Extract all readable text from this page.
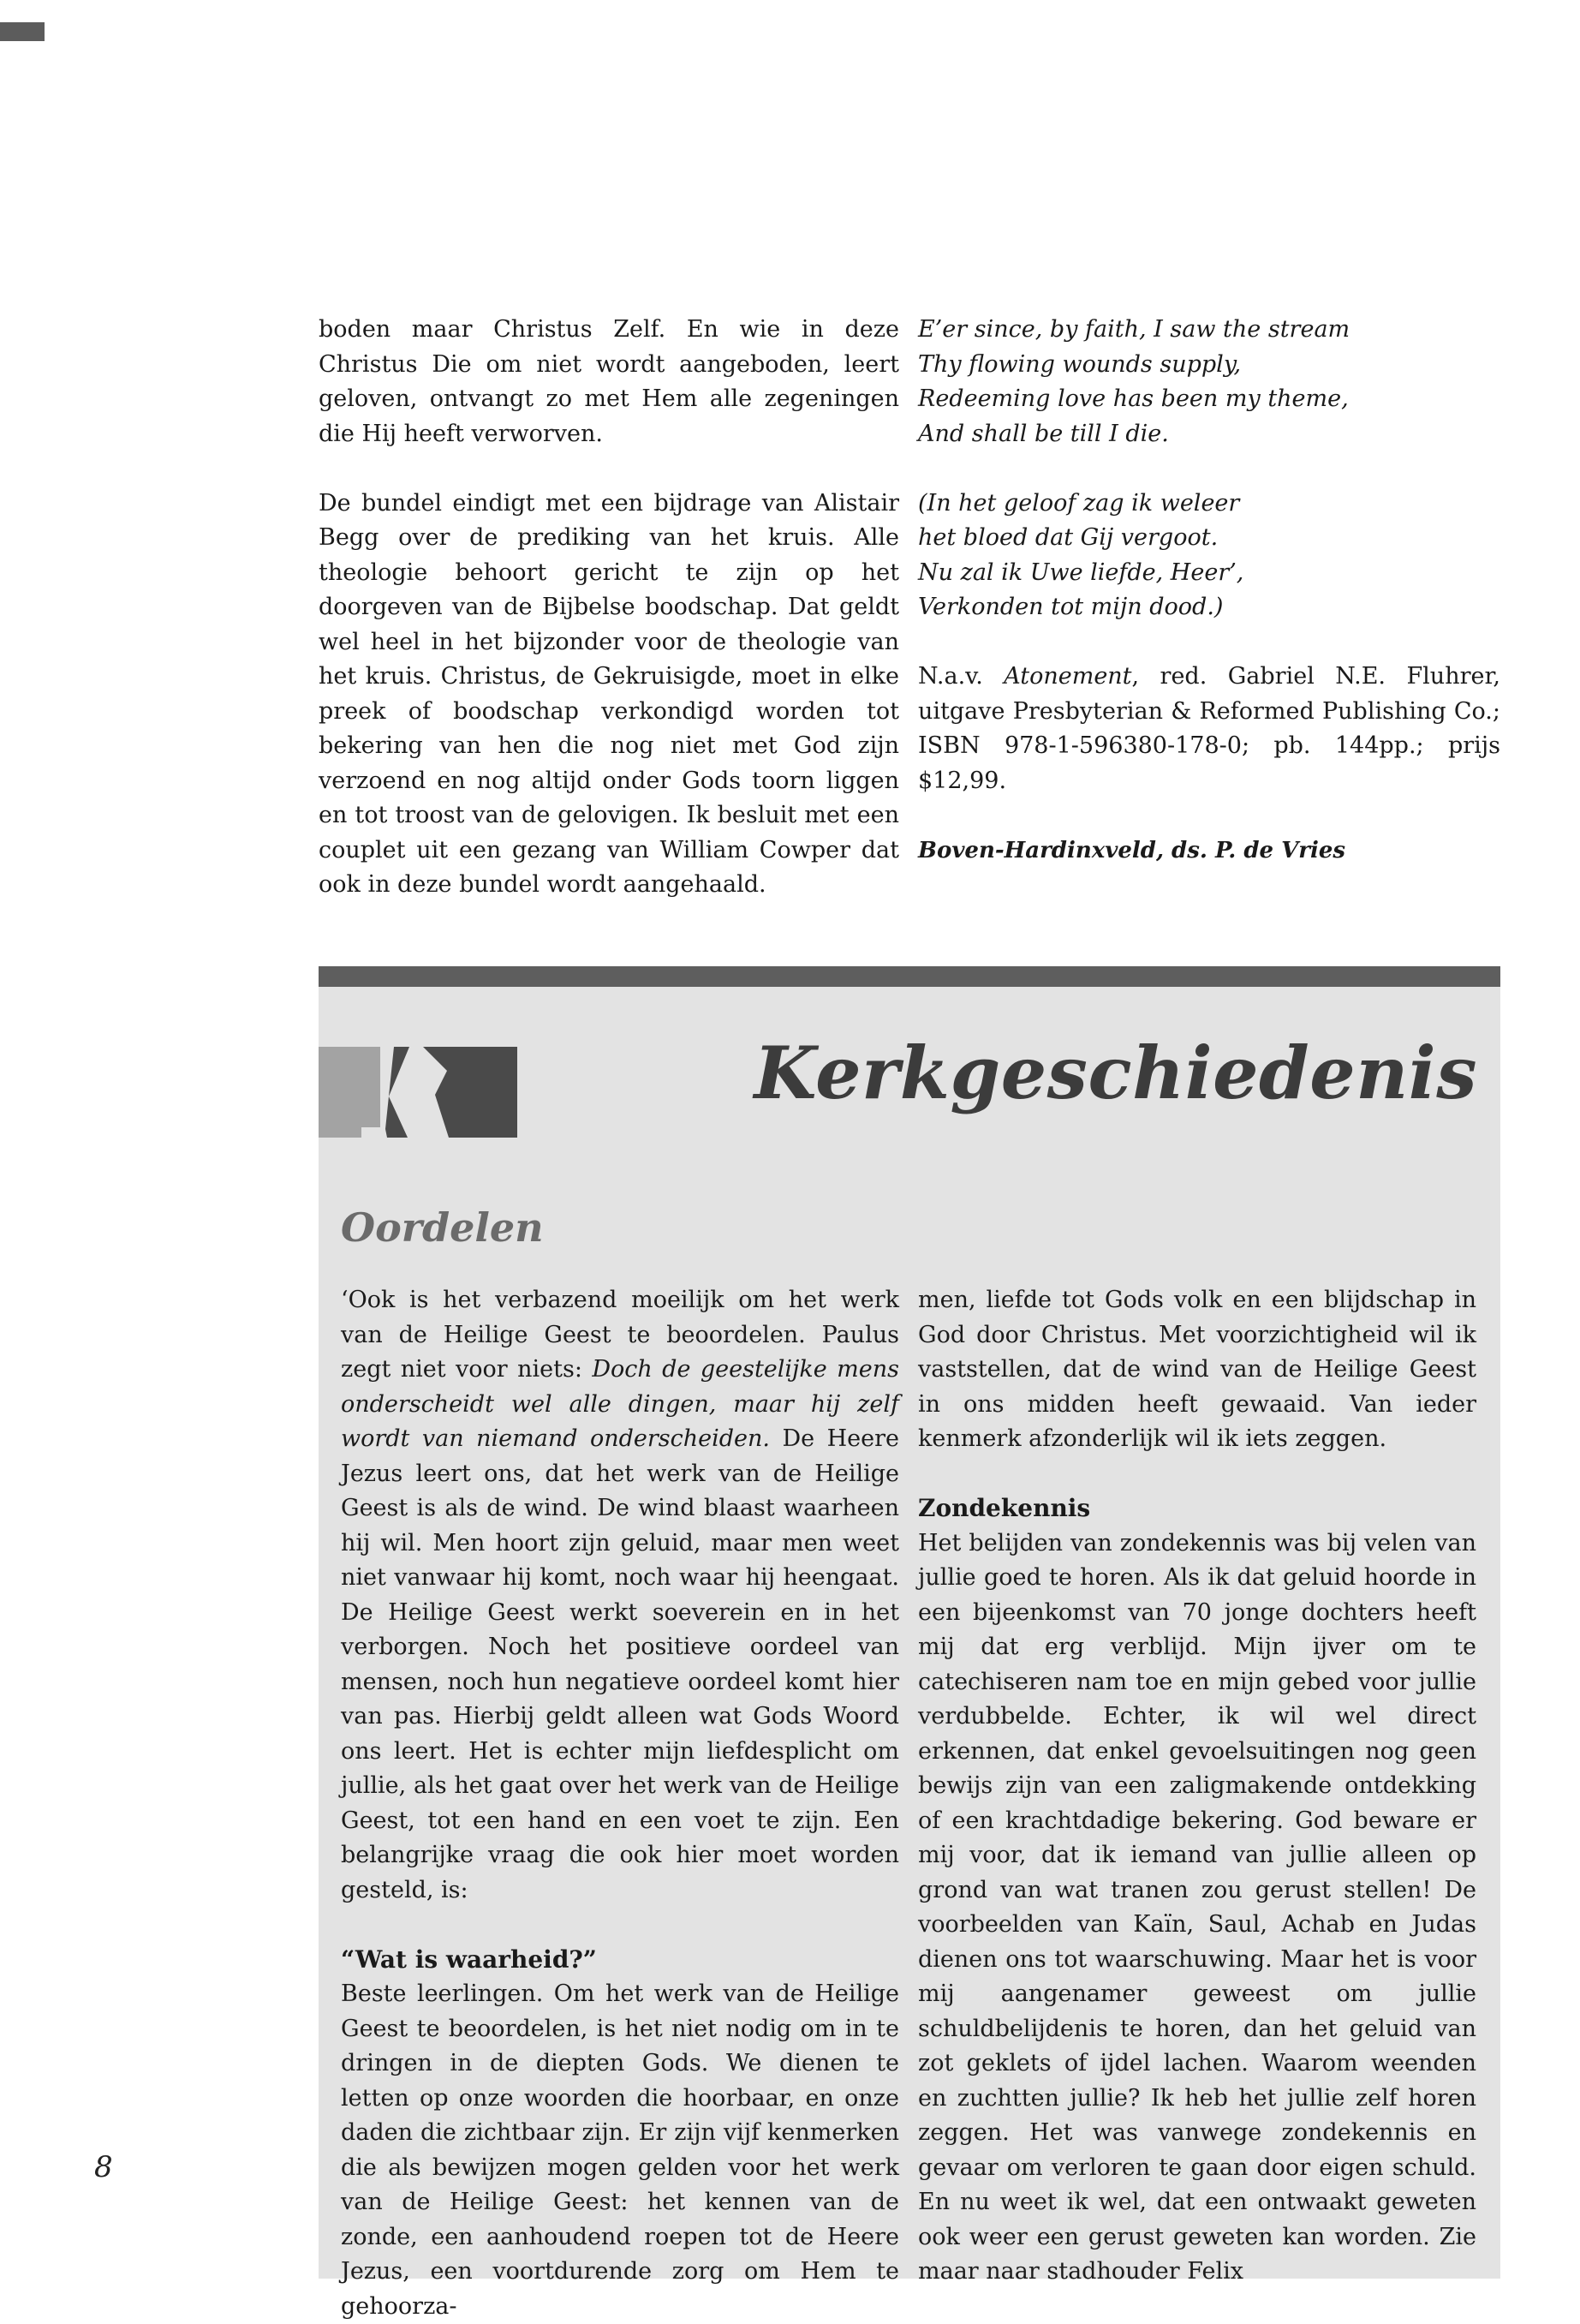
boden maar Christus Zelf. En wie in deze Christus Die om niet wordt aangeboden, leert geloven, ontvangt zo met Hem alle zegeningen die Hij heeft verworven.

De bundel eindigt met een bijdrage van Alistair Begg over de prediking van het kruis. Alle theologie behoort gericht te zijn op het doorgeven van de Bijbelse boodschap. Dat geldt wel heel in het bijzonder voor de theologie van het kruis. Christus, de Gekruisigde, moet in elke preek of boodschap verkondigd worden tot bekering van hen die nog niet met God zijn verzoend en nog altijd onder Gods toorn liggen en tot troost van de gelovigen. Ik besluit met een couplet uit een gezang van William Cowper dat ook in deze bundel wordt aangehaald.

E’er since, by faith, I saw the stream
Thy flowing wounds supply,
Redeeming love has been my theme,
And shall be till I die.
(In het geloof zag ik weleer
het bloed dat Gij vergoot.
Nu zal ik Uwe liefde, Heer’,
Verkonden tot mijn dood.)

N.a.v. Atonement, red. Gabriel N.E. Fluhrer, uitgave Presbyterian & Reformed Publishing Co.; ISBN 978-1-596380-178-0; pb. 144pp.; prijs $12,99.

Boven-Hardinxveld, ds. P. de Vries
Kerkgeschiedenis
Oordelen

‘Ook is het verbazend moeilijk om het werk van de Heilige Geest te beoordelen. Paulus zegt niet voor niets: Doch de geestelijke mens onderscheidt wel alle dingen, maar hij zelf wordt van niemand onderscheiden. De Heere Jezus leert ons, dat het werk van de Heilige Geest is als de wind. De wind blaast waarheen hij wil. Men hoort zijn geluid, maar men weet niet vanwaar hij komt, noch waar hij heengaat. De Heilige Geest werkt soeverein en in het verborgen. Noch het positieve oordeel van mensen, noch hun negatieve oordeel komt hier van pas. Hierbij geldt alleen wat Gods Woord ons leert. Het is echter mijn liefdesplicht om jullie, als het gaat over het werk van de Heilige Geest, tot een hand en een voet te zijn. Een belangrijke vraag die ook hier moet worden gesteld, is:

“Wat is waarheid?”

Beste leerlingen. Om het werk van de Heilige Geest te beoordelen, is het niet nodig om in te dringen in de diepten Gods. We dienen te letten op onze woorden die hoorbaar, en onze daden die zichtbaar zijn. Er zijn vijf kenmerken die als bewijzen mogen gelden voor het werk van de Heilige Geest: het kennen van de zonde, een aanhoudend roepen tot de Heere Jezus, een voortdurende zorg om Hem te gehoorza-

men, liefde tot Gods volk en een blijdschap in God door Christus. Met voorzichtigheid wil ik vaststellen, dat de wind van de Heilige Geest in ons midden heeft gewaaid. Van ieder kenmerk afzonderlijk wil ik iets zeggen.

Zondekennis

Het belijden van zondekennis was bij velen van jullie goed te horen. Als ik dat geluid hoorde in een bijeenkomst van 70 jonge dochters heeft mij dat erg verblijd. Mijn ijver om te catechiseren nam toe en mijn gebed voor jullie verdubbelde. Echter, ik wil wel direct erkennen, dat enkel gevoelsuitingen nog geen bewijs zijn van een zaligmakende ontdekking of een krachtdadige bekering. God beware er mij voor, dat ik iemand van jullie alleen op grond van wat tranen zou gerust stellen! De voorbeelden van Kaïn, Saul, Achab en Judas dienen ons tot waarschuwing. Maar het is voor mij aangenamer geweest om jullie schuldbelijdenis te horen, dan het geluid van zot geklets of ijdel lachen. Waarom weenden en zuchtten jullie? Ik heb het jullie zelf horen zeggen. Het was vanwege zondekennis en gevaar om verloren te gaan door eigen schuld. En nu weet ik wel, dat een ontwaakt geweten ook weer een gerust geweten kan worden. Zie maar naar stadhouder Felix

8
